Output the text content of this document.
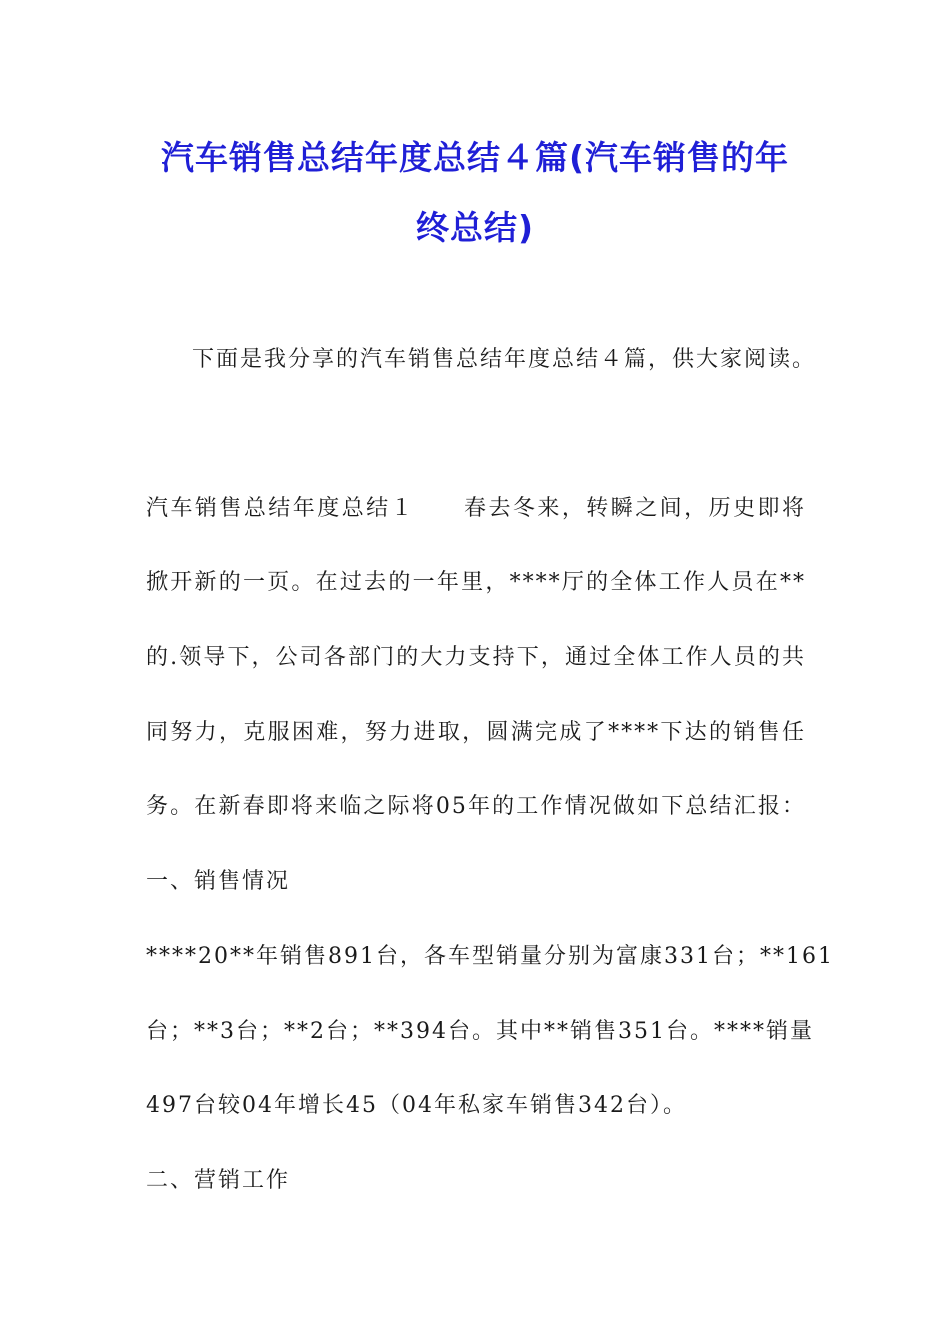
汽车销售总结年度总结４篇(汽车销售的年
终总结)
下面是我分享的汽车销售总结年度总结４篇，供大家阅读。
汽车销售总结年度总结１　　春去冬来，转瞬之间，历史即将
掀开新的一页。在过去的一年里，****厅的全体工作人员在**
的.领导下，公司各部门的大力支持下，通过全体工作人员的共
同努力，克服困难，努力进取，圆满完成了****下达的销售任
务。在新春即将来临之际将05年的工作情况做如下总结汇报：
一、销售情况
****20**年销售891台，各车型销量分别为富康331台；**161
台；**3台；**2台；**394台。其中**销售351台。****销量
497台较04年增长45（04年私家车销售342台）。
二、营销工作
